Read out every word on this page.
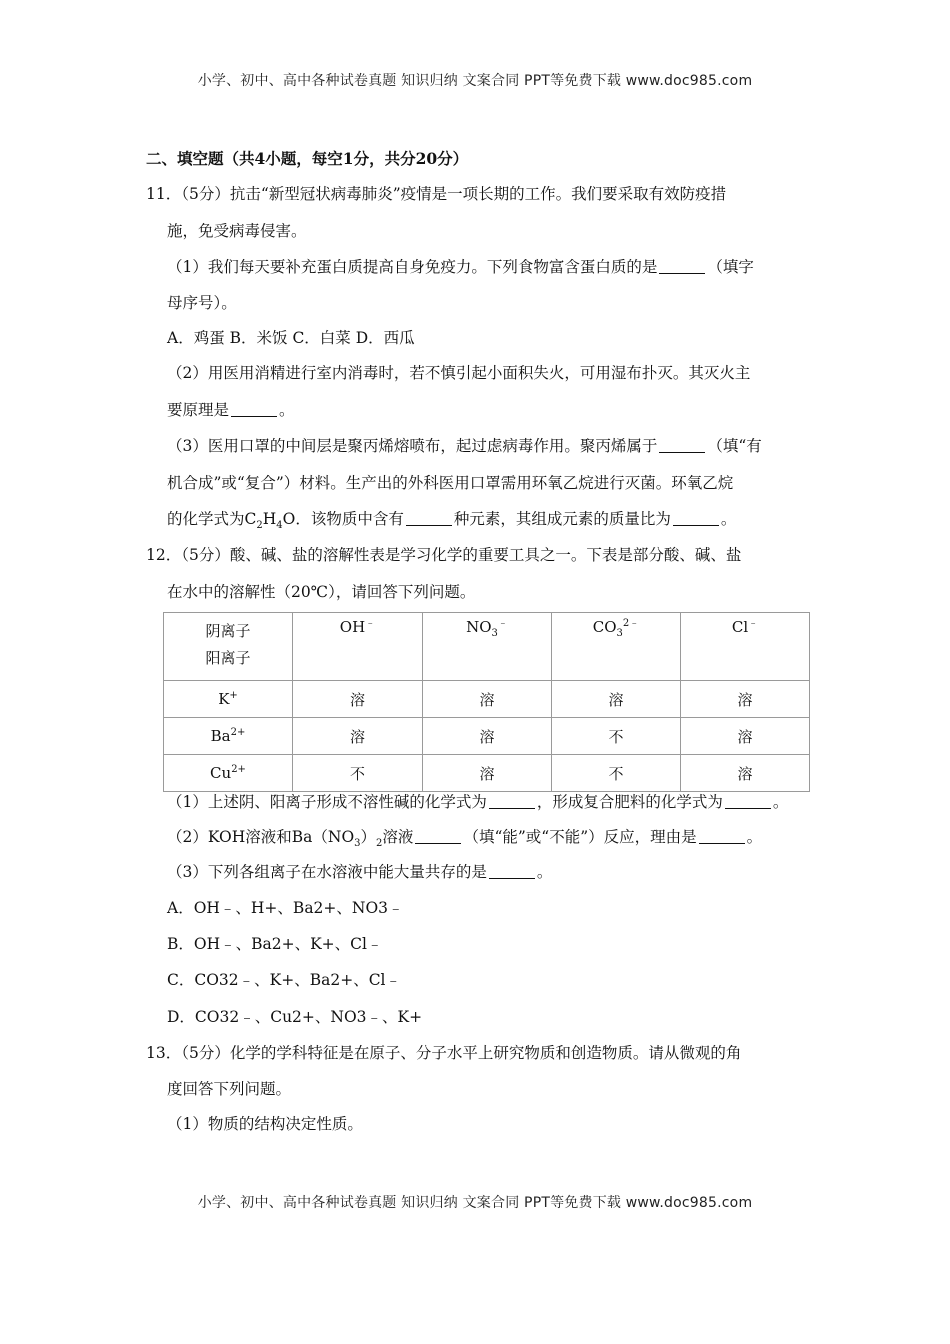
小学、初中、高中各种试卷真题 知识归纳 文案合同 PPT等免费下载 www.doc985.com
二、填空题（共4小题，每空1分，共分20分）
11．（5分）抗击“新型冠状病毒肺炎”疫情是一项长期的工作。我们要采取有效防疫措
施，免受病毒侵害。
（1）我们每天要补充蛋白质提高自身免疫力。下列食物富含蛋白质的是	（填字
母序号）。
A．鸡蛋 B．米饭 C．白菜 D．西瓜
（2）用医用消精进行室内消毒时，若不慎引起小面积失火，可用湿布扑灭。其灭火主
要原理是	。
（3）医用口罩的中间层是聚丙烯熔喷布，起过虑病毒作用。聚丙烯属于	（填“有
机合成”或“复合”）材料。生产出的外科医用口罩需用环氧乙烷进行灭菌。环氧乙烷
的化学式为$C_2H_4O$．该物质中含有	种元素，其组成元素的质量比为	。
12．（5分）酸、碱、盐的溶解性表是学习化学的重要工具之一。下表是部分酸、碱、盐
在水中的溶解性（20℃），请回答下列问题。
阴离子
阳离子	OH﹣	$NO_3^﹣$	$CO_3^{2﹣}$	Cl﹣
K+	溶	溶	溶	溶
$Ba^{2+}$	溶	溶	不	溶
$Cu^{2+}$	不	溶	不	溶
（1）上述阴、阳离子形成不溶性碱的化学式为	，形成复合肥料的化学式为	。
（2）KOH溶液和$Ba(NO_3)_2$溶液	（填“能”或“不能”）反应，理由是	。
（3）下列各组离子在水溶液中能大量共存的是	。
A．OH﹣、H+、Ba2+、NO3﹣
B．OH﹣、Ba2+、K+、Cl﹣
C．CO32﹣、K+、Ba2+、Cl﹣
D．CO32﹣、Cu2+、NO3﹣、K+
13．（5分）化学的学科特征是在原子、分子水平上研究物质和创造物质。请从微观的角
度回答下列问题。
（1）物质的结构决定性质。
小学、初中、高中各种试卷真题 知识归纳 文案合同 PPT等免费下载 www.doc985.com
